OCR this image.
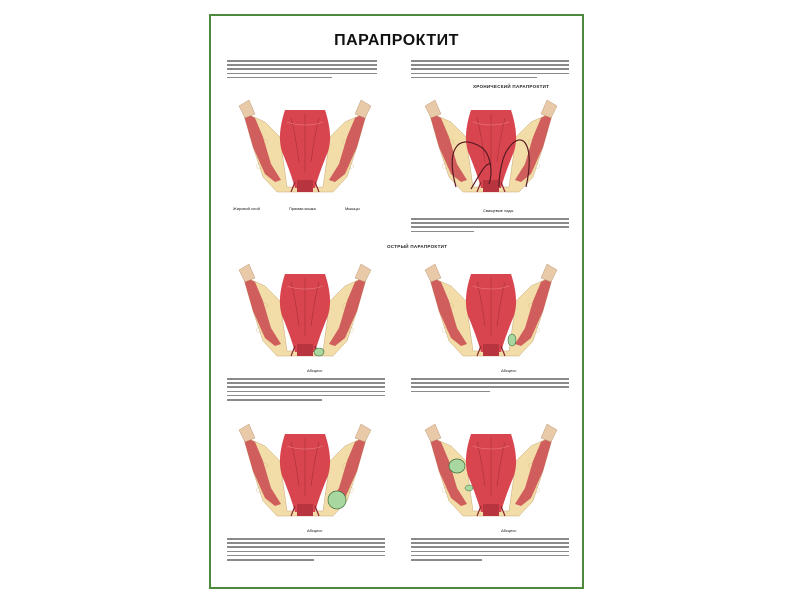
ПАРАПРОКТИТ
ХРОНИЧЕСКИЙ ПАРАПРОКТИТ
Жировой слой	Прямая кишка	Мышцы	Свищевые ходы
ОСТРЫЙ ПАРАПРОКТИТ
Абсцесс	Абсцесс
Абсцесс	Абсцесс
